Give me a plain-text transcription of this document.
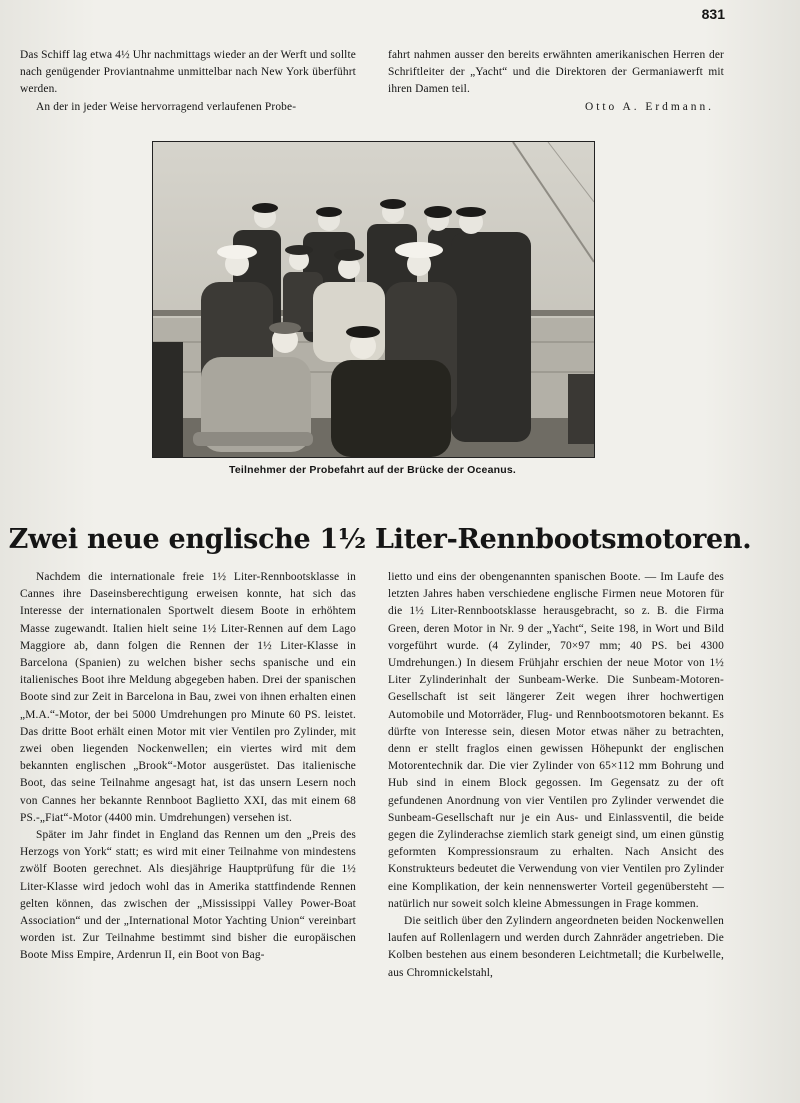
831

Das Schiff lag etwa 4½ Uhr nachmittags wieder an der Werft und sollte nach genügender Proviantnahme unmittelbar nach New York überführt werden.

An der in jeder Weise hervorragend verlaufenen Probe-

fahrt nahmen ausser den bereits erwähnten amerikanischen Herren der Schriftleiter der „Yacht“ und die Direktoren der Germaniawerft mit ihren Damen teil.

Otto A. Erdmann.
Teilnehmer der Probefahrt auf der Brücke der Oceanus.
Zwei neue englische 1½ Liter-Rennbootsmotoren.

Nachdem die internationale freie 1½ Liter-Rennbootsklasse in Cannes ihre Daseinsberechtigung erweisen konnte, hat sich das Interesse der internationalen Sportwelt diesem Boote in erhöhtem Masse zugewandt. Italien hielt seine 1½ Liter-Rennen auf dem Lago Maggiore ab, dann folgen die Rennen der 1½ Liter-Klasse in Barcelona (Spanien) zu welchen bisher sechs spanische und ein italienisches Boot ihre Meldung abgegeben haben. Drei der spanischen Boote sind zur Zeit in Barcelona in Bau, zwei von ihnen erhalten einen „M.A.“-Motor, der bei 5000 Umdrehungen pro Minute 60 PS. leistet. Das dritte Boot erhält einen Motor mit vier Ventilen pro Zylinder, mit zwei oben liegenden Nockenwellen; ein viertes wird mit dem bekannten englischen „Brook“-Motor ausgerüstet. Das italienische Boot, das seine Teilnahme angesagt hat, ist das unsern Lesern noch von Cannes her bekannte Rennboot Baglietto XXI, das mit einem 68 PS.-„Fiat“-Motor (4400 min. Umdrehungen) versehen ist.

Später im Jahr findet in England das Rennen um den „Preis des Herzogs von York“ statt; es wird mit einer Teilnahme von mindestens zwölf Booten gerechnet. Als diesjährige Hauptprüfung für die 1½ Liter-Klasse wird jedoch wohl das in Amerika stattfindende Rennen gelten können, das zwischen der „Mississippi Valley Power-Boat Association“ und der „International Motor Yachting Union“ vereinbart worden ist. Zur Teilnahme bestimmt sind bisher die europäischen Boote Miss Empire, Ardenrun II, ein Boot von Bag-

lietto und eins der obengenannten spanischen Boote. — Im Laufe des letzten Jahres haben verschiedene englische Firmen neue Motoren für die 1½ Liter-Rennbootsklasse herausgebracht, so z. B. die Firma Green, deren Motor in Nr. 9 der „Yacht“, Seite 198, in Wort und Bild vorgeführt wurde. (4 Zylinder, 70×97 mm; 40 PS. bei 4300 Umdrehungen.) In diesem Frühjahr erschien der neue Motor von 1½ Liter Zylinderinhalt der Sunbeam-Werke. Die Sunbeam-Motoren-Gesellschaft ist seit längerer Zeit wegen ihrer hochwertigen Automobile und Motorräder, Flug- und Rennbootsmotoren bekannt. Es dürfte von Interesse sein, diesen Motor etwas näher zu betrachten, denn er stellt fraglos einen gewissen Höhepunkt der englischen Motorentechnik dar. Die vier Zylinder von 65×112 mm Bohrung und Hub sind in einem Block gegossen. Im Gegensatz zu der oft gefundenen Anordnung von vier Ventilen pro Zylinder verwendet die Sunbeam-Gesellschaft nur je ein Aus- und Einlassventil, die beide gegen die Zylinderachse ziemlich stark geneigt sind, um einen günstig geformten Kompressionsraum zu erhalten. Nach Ansicht des Konstrukteurs bedeutet die Verwendung von vier Ventilen pro Zylinder eine Komplikation, der kein nennenswerter Vorteil gegenübersteht — natürlich nur soweit solch kleine Abmessungen in Frage kommen.

Die seitlich über den Zylindern angeordneten beiden Nockenwellen laufen auf Rollenlagern und werden durch Zahnräder angetrieben. Die Kolben bestehen aus einem besonderen Leichtmetall; die Kurbelwelle, aus Chromnickelstahl,
